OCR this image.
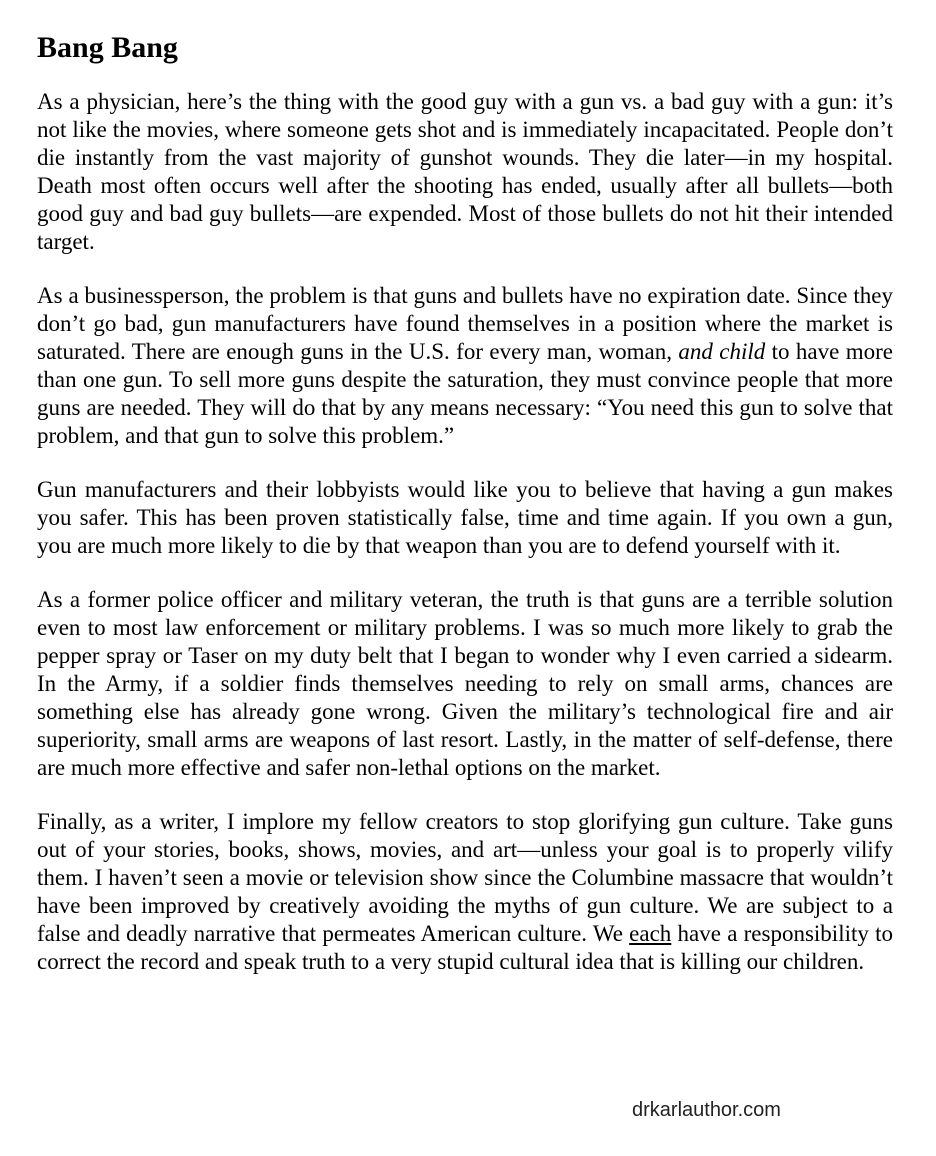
Bang Bang

As a physician, here’s the thing with the good guy with a gun vs. a bad guy with a gun: it’s not like the movies, where someone gets shot and is immediately incapacitated. People don’t die instantly from the vast majority of gunshot wounds. They die later—in my hospital. Death most often occurs well after the shooting has ended, usually after all bullets—both good guy and bad guy bullets—are expended. Most of those bullets do not hit their intended target.

As a businessperson, the problem is that guns and bullets have no expiration date. Since they don’t go bad, gun manufacturers have found themselves in a position where the market is saturated. There are enough guns in the U.S. for every man, woman, and child to have more than one gun. To sell more guns despite the saturation, they must convince people that more guns are needed. They will do that by any means necessary: “You need this gun to solve that problem, and that gun to solve this problem.”

Gun manufacturers and their lobbyists would like you to believe that having a gun makes you safer. This has been proven statistically false, time and time again. If you own a gun, you are much more likely to die by that weapon than you are to defend yourself with it.

As a former police officer and military veteran, the truth is that guns are a terrible solution even to most law enforcement or military problems. I was so much more likely to grab the pepper spray or Taser on my duty belt that I began to wonder why I even carried a sidearm. In the Army, if a soldier finds themselves needing to rely on small arms, chances are something else has already gone wrong. Given the military’s technological fire and air superiority, small arms are weapons of last resort. Lastly, in the matter of self-defense, there are much more effective and safer non-lethal options on the market.

Finally, as a writer, I implore my fellow creators to stop glorifying gun culture. Take guns out of your stories, books, shows, movies, and art—unless your goal is to properly vilify them. I haven’t seen a movie or television show since the Columbine massacre that wouldn’t have been improved by creatively avoiding the myths of gun culture. We are subject to a false and deadly narrative that permeates American culture. We each have a responsibility to correct the record and speak truth to a very stupid cultural idea that is killing our children.

drkarlauthor.com
